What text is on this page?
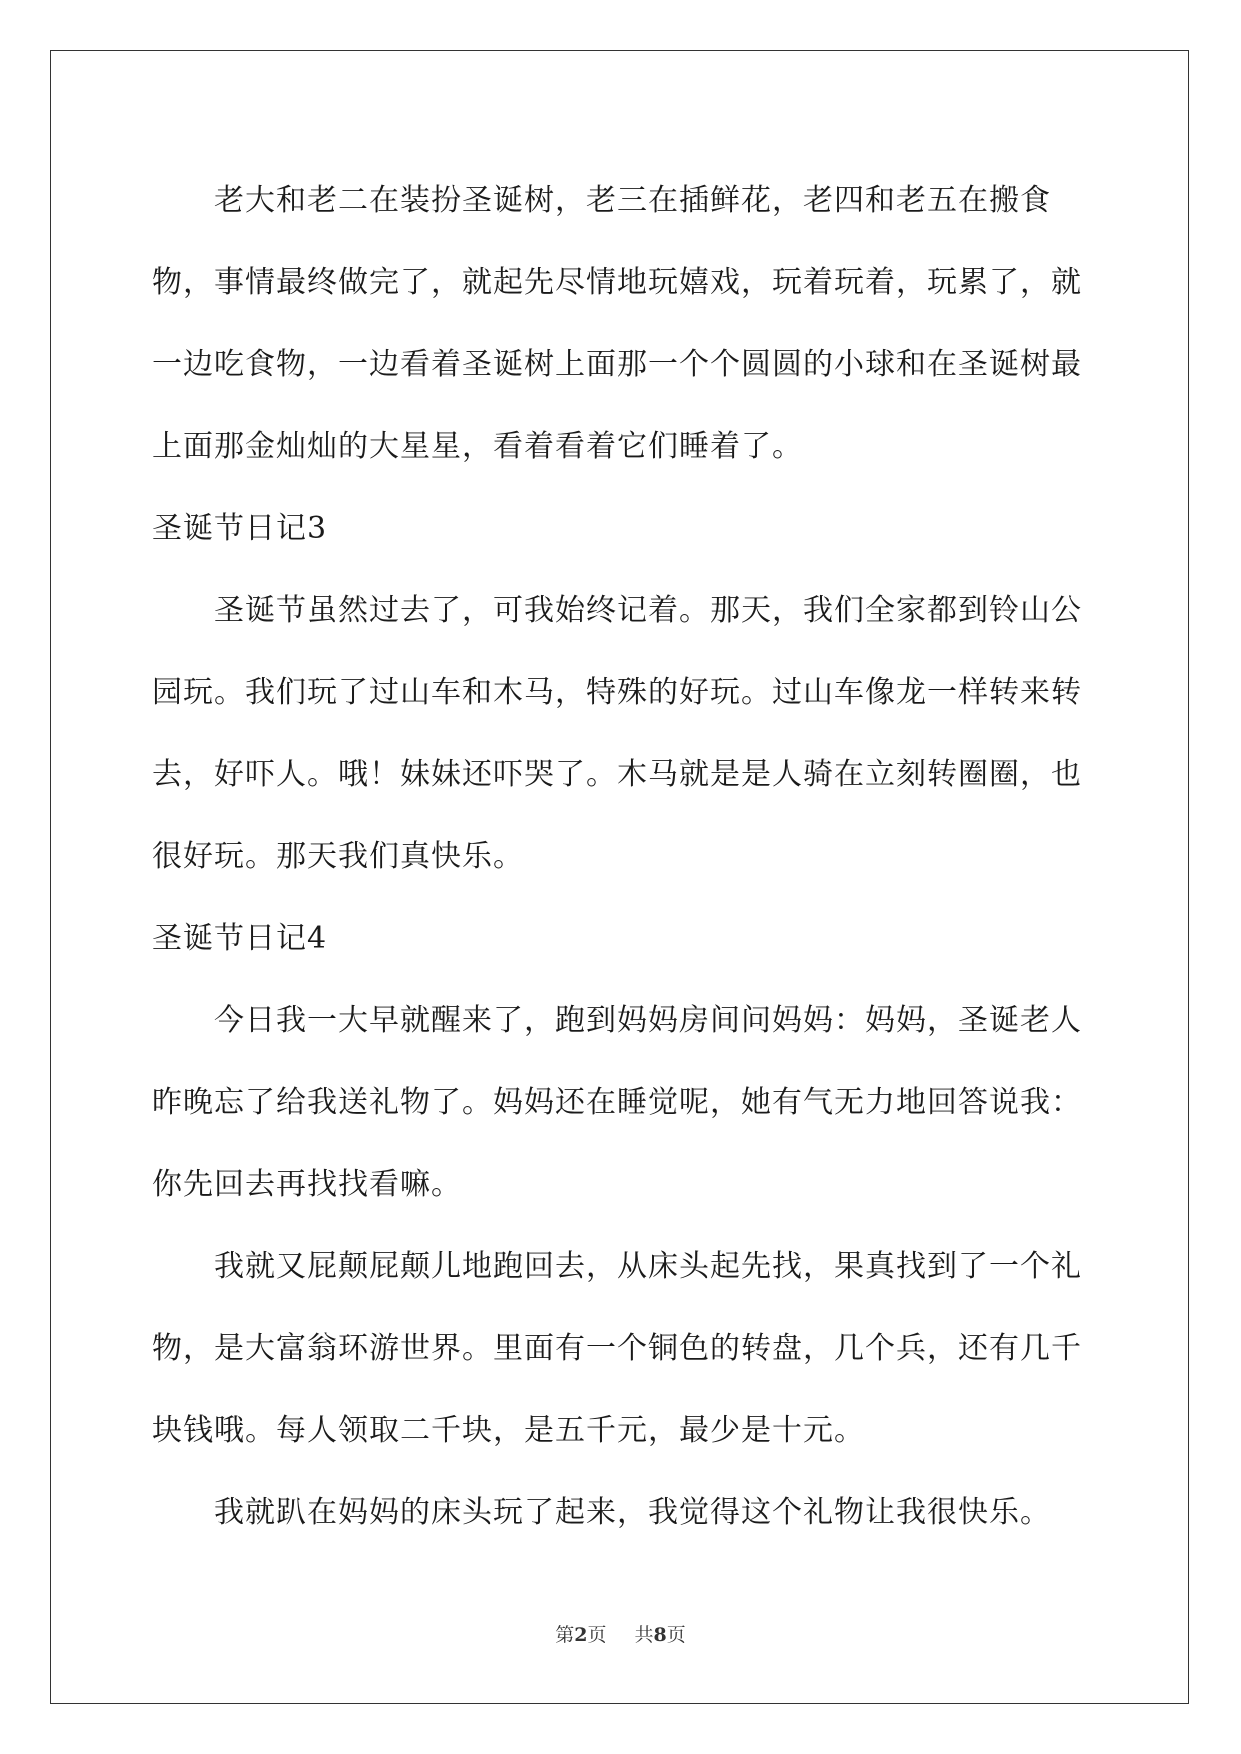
老大和老二在装扮圣诞树，老三在插鲜花，老四和老五在搬食物，事情最终做完了，就起先尽情地玩嬉戏，玩着玩着，玩累了，就一边吃食物，一边看着圣诞树上面那一个个圆圆的小球和在圣诞树最上面那金灿灿的大星星，看着看着它们睡着了。

圣诞节日记3

圣诞节虽然过去了，可我始终记着。那天，我们全家都到铃山公园玩。我们玩了过山车和木马，特殊的好玩。过山车像龙一样转来转去，好吓人。哦！妹妹还吓哭了。木马就是是人骑在立刻转圈圈，也很好玩。那天我们真快乐。

圣诞节日记4

今日我一大早就醒来了，跑到妈妈房间问妈妈：妈妈，圣诞老人昨晚忘了给我送礼物了。妈妈还在睡觉呢，她有气无力地回答说我：你先回去再找找看嘛。

我就又屁颠屁颠儿地跑回去，从床头起先找，果真找到了一个礼物，是大富翁环游世界。里面有一个铜色的转盘，几个兵，还有几千块钱哦。每人领取二千块，是五千元，最少是十元。

我就趴在妈妈的床头玩了起来，我觉得这个礼物让我很快乐。

第2页 共8页
